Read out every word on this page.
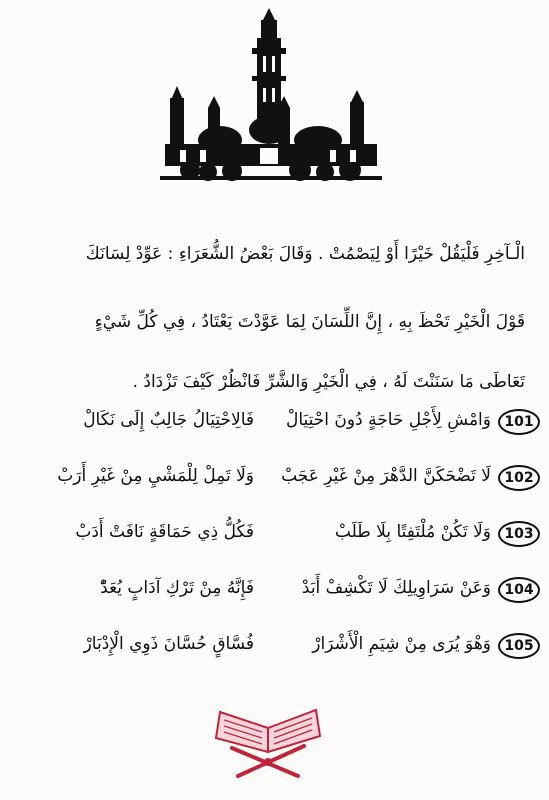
الْـآخِرِ فَلْيَقُلْ خَيْرًا أَوْ لِيَصْمُتْ . وَقَالَ بَعْضُ الشُّعَرَاءِ : عَوِّدْ لِسَانَكَ
قَوْلَ الْخَيْرِ تَحْظَ بِهِ ، إِنَّ اللِّسَانَ لِمَا عَوَّدْتَ يَعْتَادُ ، فِي كُلِّ شَيْءٍ
تَعَاطَى مَا سَنَنْتَ لَهُ ، فِي الْخَيْرِ وَالشَّرِّ فَانْظُرْ كَيْفَ تَزْدَادُ .
101
وَامْشِ لِأَجْلِ حَاجَةٍ دُونَ احْتِيَالْ
فَالِاحْتِيَالُ جَالِبٌ إِلَى نَكَالْ
102
لَا تَضْحَكَنَّ الدَّهْرَ مِنْ غَيْرِ عَجَبْ
وَلَا تَمِلْ لِلْمَشْيِ مِنْ غَيْرِ أَرَبْ
103
وَلَا تَكُنْ مُلْتَفِتًا بِلَا طَلَبْ
فَكُلُّ ذِي حَمَاقَةٍ نَافَتْ أَدَبْ
104
وَعَنْ سَرَاوِيلِكَ لَا تَكْشِفْ أَبَدْ
فَإِنَّهُ مِنْ تَرْكِ آدَابٍ يُعَدّْ
105
وَهْوَ يُرَى مِنْ شِيَمِ الْأَشْرَارْ
فُسَّاقٍ حُسَّانَ ذَوِي الْإِدْبَارْ
